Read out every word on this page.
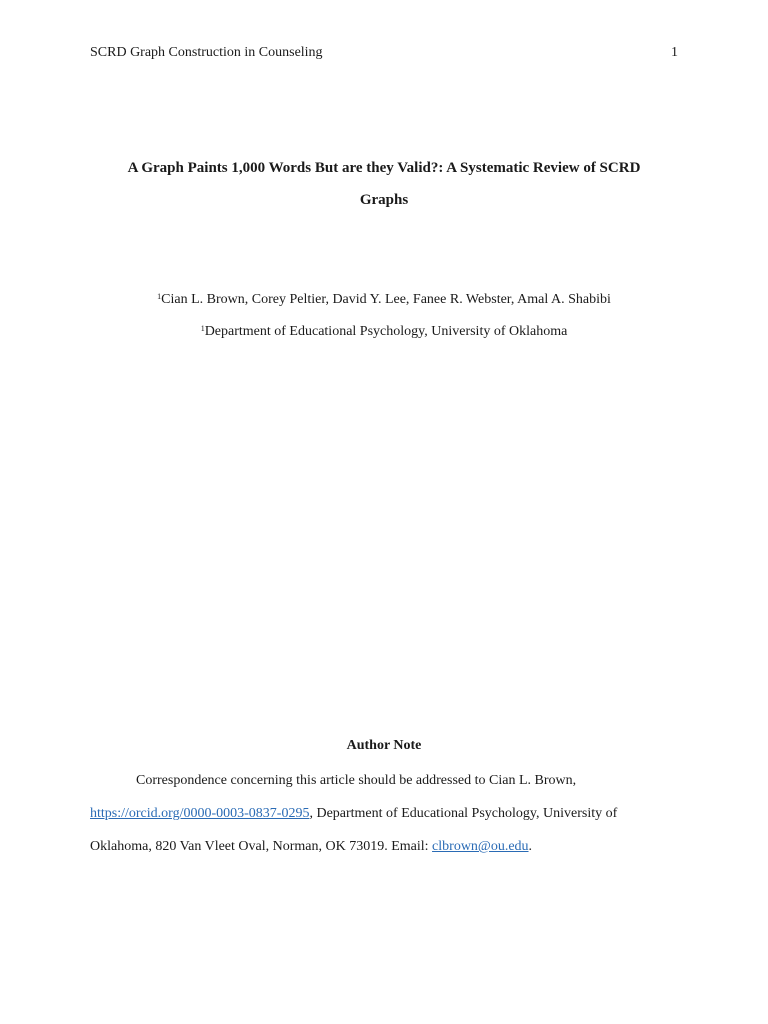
SCRD Graph Construction in Counseling	1
A Graph Paints 1,000 Words But are they Valid?: A Systematic Review of SCRD
Graphs
$^1$Cian L. Brown, Corey Peltier, David Y. Lee, Fanee R. Webster, Amal A. Shabibi
$^1$Department of Educational Psychology, University of Oklahoma
Author Note
Correspondence concerning this article should be addressed to Cian L. Brown,
https://orcid.org/0000-0003-0837-0295, Department of Educational Psychology, University of
Oklahoma, 820 Van Vleet Oval, Norman, OK 73019. Email: clbrown@ou.edu.
